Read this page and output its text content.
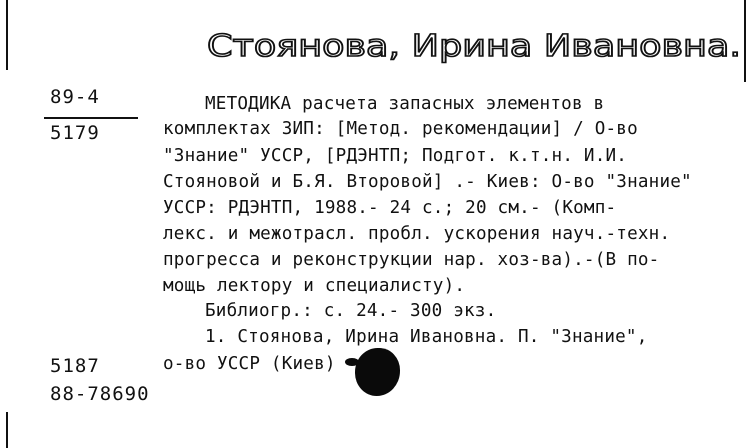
Стоянова, Ирина Ивановна.
89-4
5179
МЕТОДИКА расчета запасных элементов в
комплектах ЗИП: [Метод. рекомендации] / О-во
"Знание" УССР, [РДЭНТП; Подгот. к.т.н. И.И.
Стояновой и Б.Я. Второвой] .- Киев: О-во "Знание"
УССР: РДЭНТП, 1988.- 24 с.; 20 см.- (Комп-
лекс. и межотрасл. пробл. ускорения науч.-техн.
прогресса и реконструкции нар. хоз-ва).-(В по-
мощь лектору и специалисту).
Библиогр.: с. 24.- 300 экз.
1. Стоянова, Ирина Ивановна. П. "Знание",
о-во УССР (Киев)
5187
88-78690
